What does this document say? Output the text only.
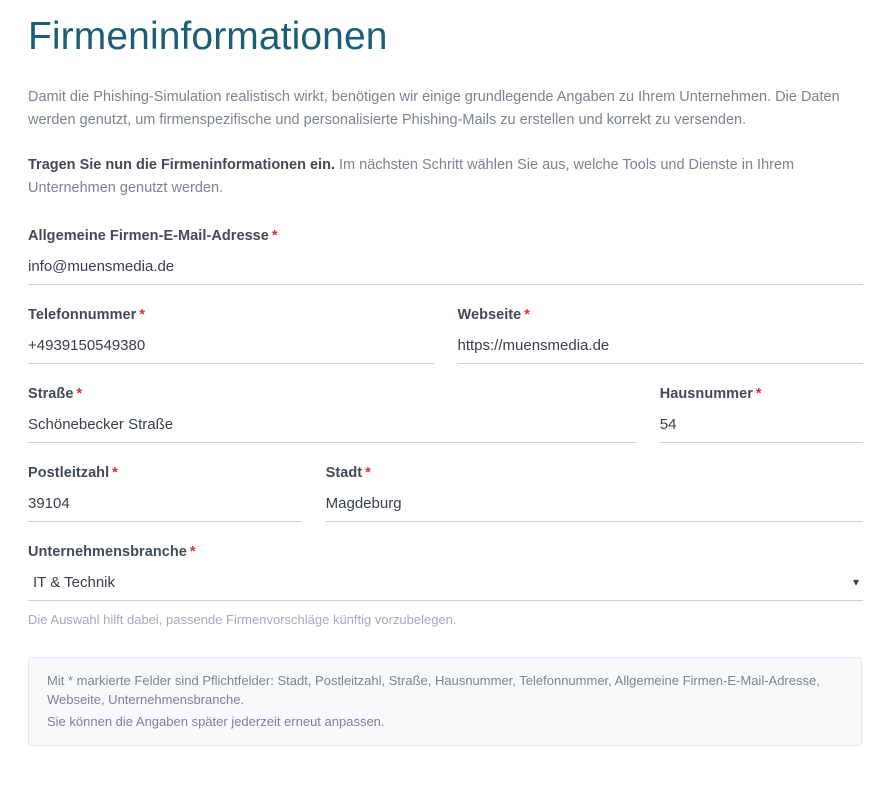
Firmeninformationen

Damit die Phishing-Simulation realistisch wirkt, benötigen wir einige grundlegende Angaben zu Ihrem Unternehmen. Die Daten werden genutzt, um firmenspezifische und personalisierte Phishing-Mails zu erstellen und korrekt zu versenden.

Tragen Sie nun die Firmeninformationen ein. Im nächsten Schritt wählen Sie aus, welche Tools und Dienste in Ihrem Unternehmen genutzt werden.

Allgemeine Firmen-E-Mail-Adresse *
info@muensmedia.de
Telefonnummer *
+4939150549380	Webseite *
https://muensmedia.de
Straße *
Schönebecker Straße	Hausnummer *
54
Postleitzahl *
39104	Stadt *
Magdeburg
Unternehmensbranche *
IT & Technik
▾
Die Auswahl hilft dabei, passende Firmenvorschläge künftig vorzubelegen.
Mit * markierte Felder sind Pflichtfelder: Stadt, Postleitzahl, Straße, Hausnummer, Telefonnummer, Allgemeine Firmen-E-Mail-Adresse, Webseite, Unternehmensbranche.
Sie können die Angaben später jederzeit erneut anpassen.
